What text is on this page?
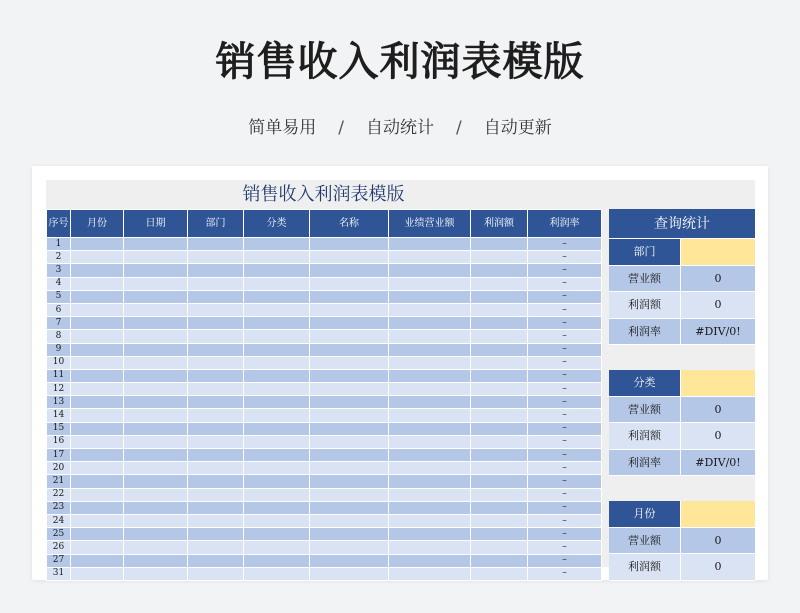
销售收入利润表模版
简单易用 / 自动统计 / 自动更新
销售收入利润表模版
序号	月份	日期	部门	分类	名称	业绩营业额	利润额	利润率
1								–
2								–
3								–
4								–
5								–
6								–
7								–
8								–
9								–
10								–
11								–
12								–
13								–
14								–
15								–
16								–
17								–
20								–
21								–
22								–
23								–
24								–
25								–
26								–
27								–
31								–
查询统计
部门
营业额	0
利润额	0
利润率	#DIV/0!
分类
营业额	0
利润额	0
利润率	#DIV/0!
月份
营业额	0
利润额	0
